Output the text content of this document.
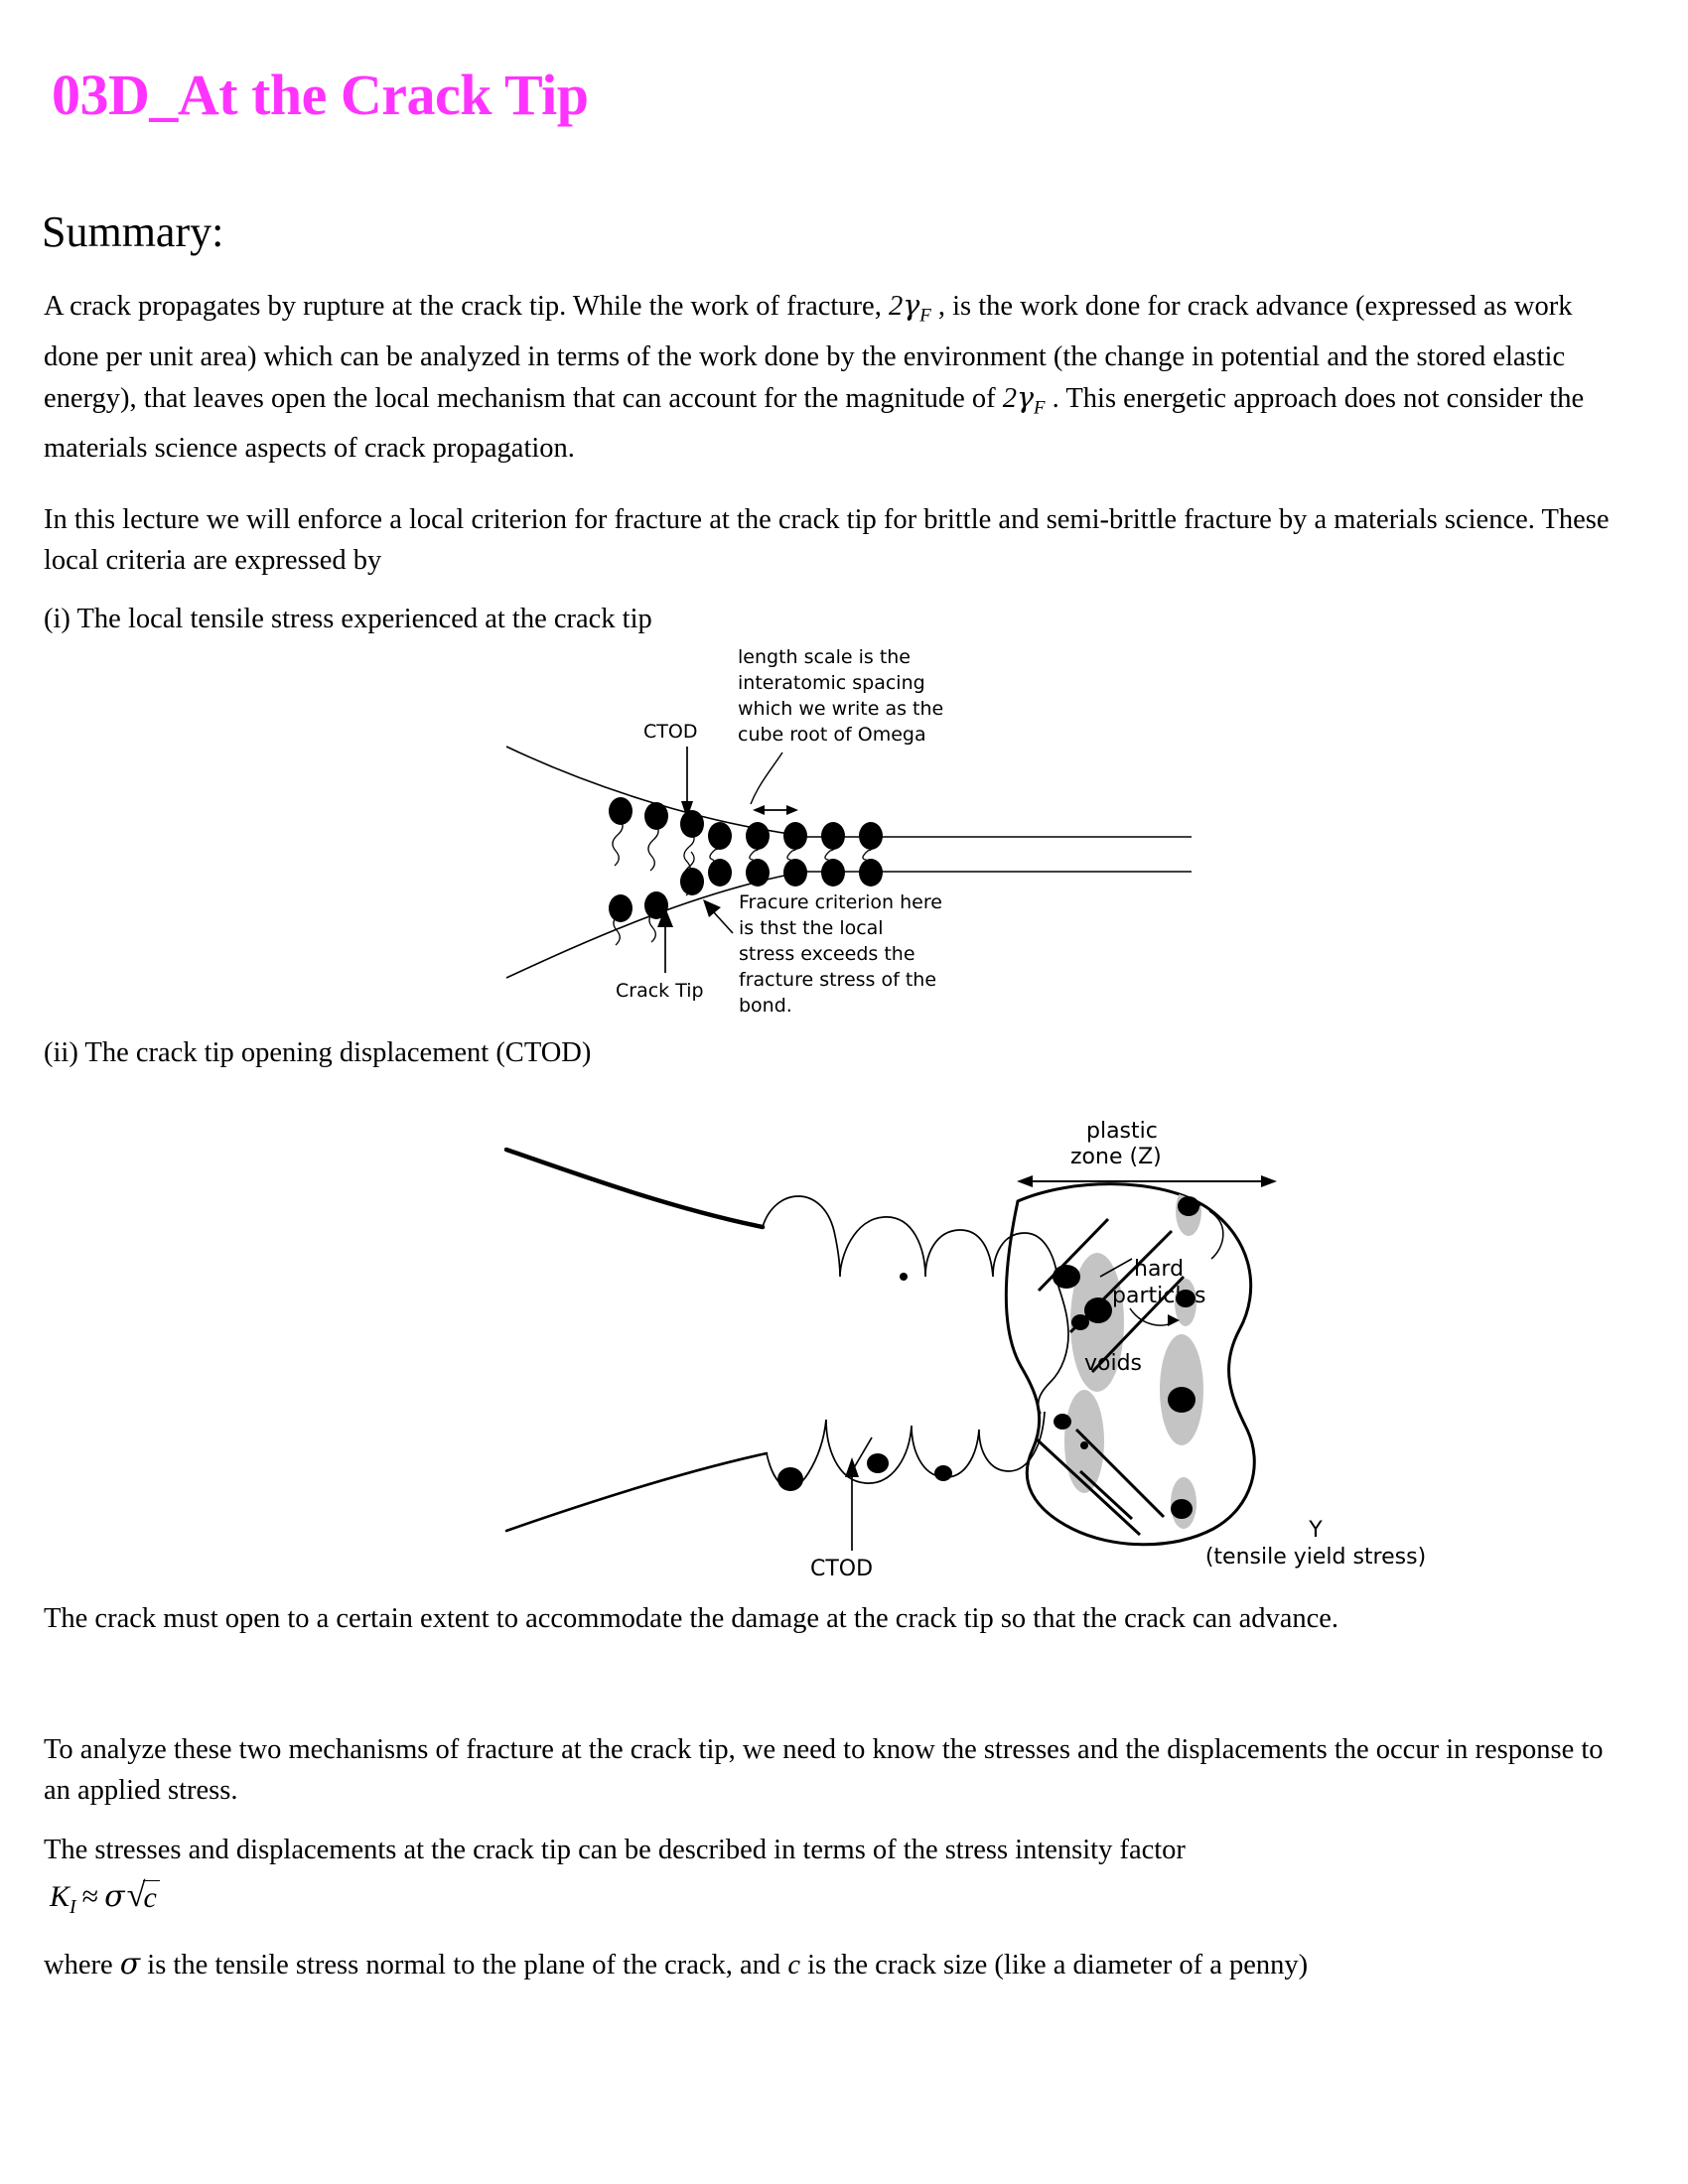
03D_At the Crack Tip
Summary:
A crack propagates by rupture at the crack tip. While the work of fracture, $2\gamma_F$ , is the work done for crack advance (expressed as work done per unit area) which can be analyzed in terms of the work done by the environment (the change in potential and the stored elastic energy), that leaves open the local mechanism that can account for the magnitude of $2\gamma_F$ . This energetic approach does not consider the materials science aspects of crack propagation.
In this lecture we will enforce a local criterion for fracture at the crack tip for brittle and semi-brittle fracture by a materials science. These local criteria are expressed by
(i) The local tensile stress experienced at the crack tip
CTOD
length scale is the
interatomic spacing
which we write as the
cube root of Omega
Crack Tip
Fracure criterion here
is thst the local
stress exceeds the
fracture stress of the
bond.
(ii) The crack tip opening displacement (CTOD)
hard
particles
voids
plastic
zone (Z)
CTOD
Y
(tensile yield stress)
The crack must open to a certain extent to accommodate the damage at the crack tip so that the crack can advance.
To analyze these two mechanisms of fracture at the crack tip, we need to know the stresses and the displacements the occur in response to an applied stress.
The stresses and displacements at the crack tip can be described in terms of the stress intensity factor
$K_I \approx \sigma√c$
where σ is the tensile stress normal to the plane of the crack, and c is the crack size (like a diameter of a penny)
